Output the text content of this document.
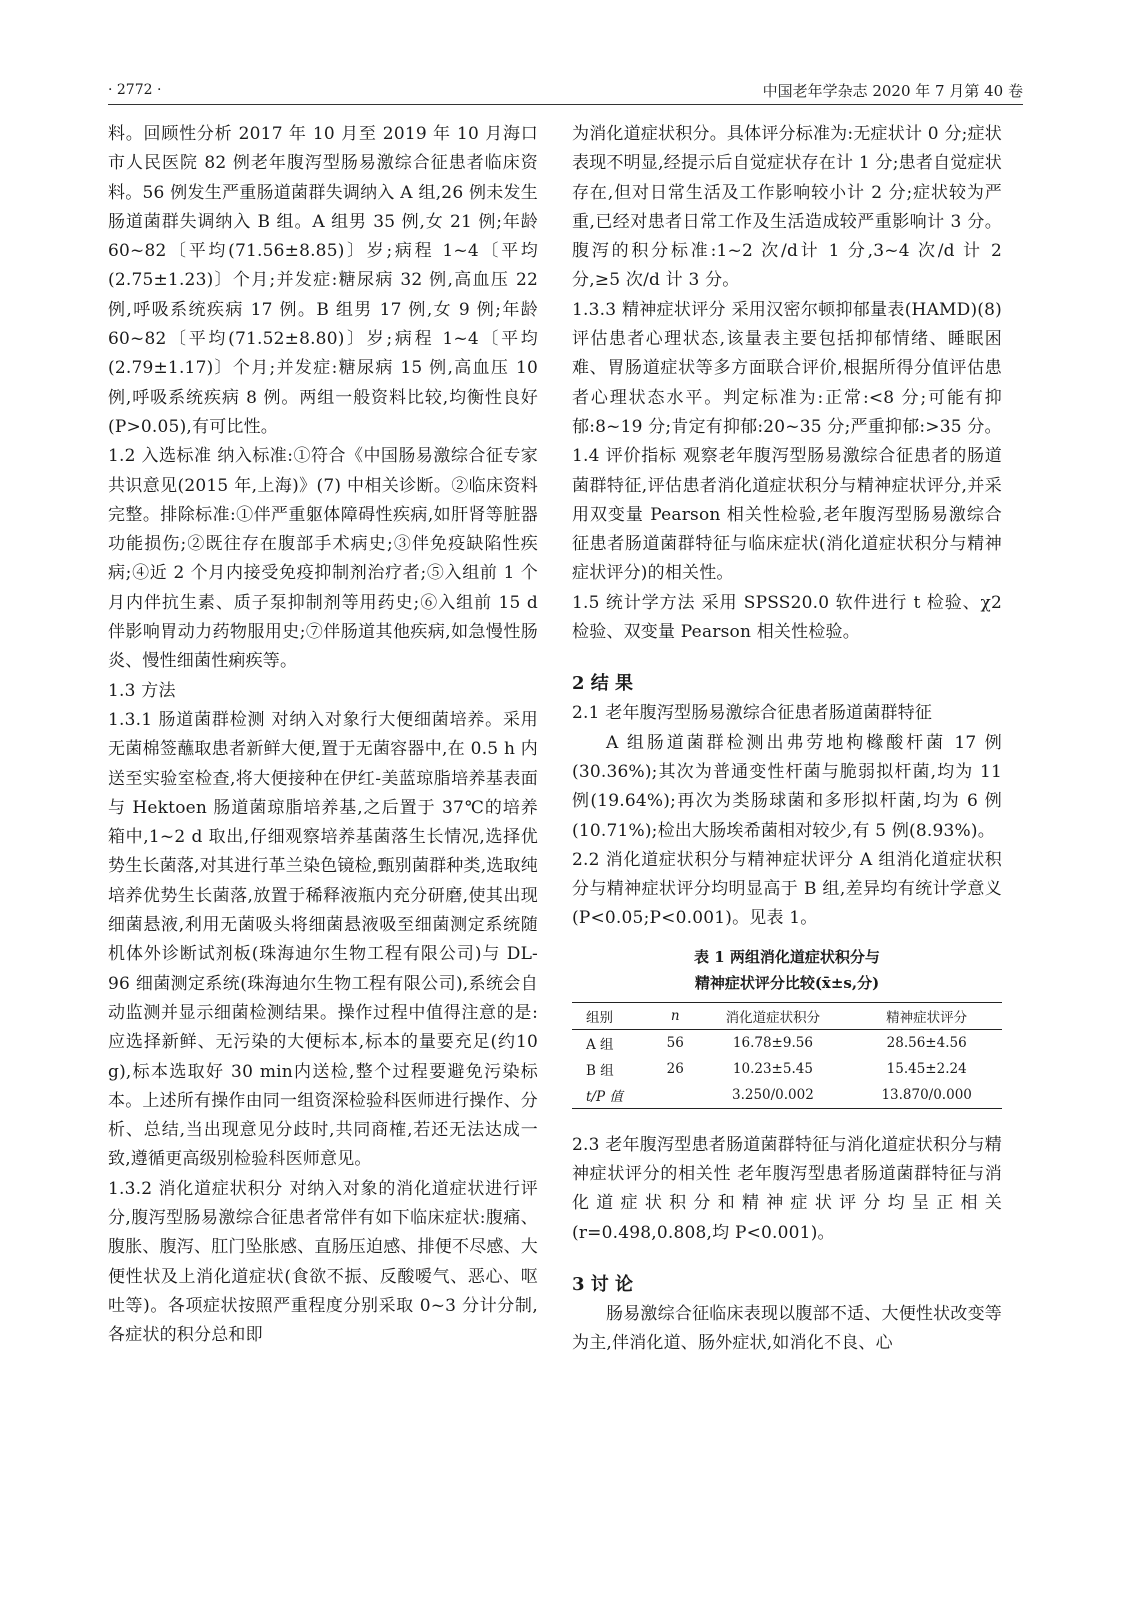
· 2772 ·	中国老年学杂志 2020 年 7 月第 40 卷

料。回顾性分析 2017 年 10 月至 2019 年 10 月海口市人民医院 82 例老年腹泻型肠易激综合征患者临床资料。56 例发生严重肠道菌群失调纳入 A 组,26 例未发生肠道菌群失调纳入 B 组。A 组男 35 例,女 21 例;年龄 60~82〔平均(71.56±8.85)〕岁;病程 1~4〔平均(2.75±1.23)〕个月;并发症:糖尿病 32 例,高血压 22 例,呼吸系统疾病 17 例。B 组男 17 例,女 9 例;年龄 60~82〔平均(71.52±8.80)〕岁;病程 1~4〔平均(2.79±1.17)〕个月;并发症:糖尿病 15 例,高血压 10 例,呼吸系统疾病 8 例。两组一般资料比较,均衡性良好(P>0.05),有可比性。

1.2 入选标准 纳入标准:①符合《中国肠易激综合征专家共识意见(2015 年,上海)》(7) 中相关诊断。②临床资料完整。排除标准:①伴严重躯体障碍性疾病,如肝肾等脏器功能损伤;②既往存在腹部手术病史;③伴免疫缺陷性疾病;④近 2 个月内接受免疫抑制剂治疗者;⑤入组前 1 个月内伴抗生素、质子泵抑制剂等用药史;⑥入组前 15 d 伴影响胃动力药物服用史;⑦伴肠道其他疾病,如急慢性肠炎、慢性细菌性痢疾等。

1.3 方法

1.3.1 肠道菌群检测 对纳入对象行大便细菌培养。采用无菌棉签蘸取患者新鲜大便,置于无菌容器中,在 0.5 h 内送至实验室检查,将大便接种在伊红-美蓝琼脂培养基表面与 Hektoen 肠道菌琼脂培养基,之后置于 37℃的培养箱中,1~2 d 取出,仔细观察培养基菌落生长情况,选择优势生长菌落,对其进行革兰染色镜检,甄别菌群种类,选取纯培养优势生长菌落,放置于稀释液瓶内充分研磨,使其出现细菌悬液,利用无菌吸头将细菌悬液吸至细菌测定系统随机体外诊断试剂板(珠海迪尔生物工程有限公司)与 DL-96 细菌测定系统(珠海迪尔生物工程有限公司),系统会自动监测并显示细菌检测结果。操作过程中值得注意的是:应选择新鲜、无污染的大便标本,标本的量要充足(约10 g),标本选取好 30 min内送检,整个过程要避免污染标本。上述所有操作由同一组资深检验科医师进行操作、分析、总结,当出现意见分歧时,共同商榷,若还无法达成一致,遵循更高级别检验科医师意见。

1.3.2 消化道症状积分 对纳入对象的消化道症状进行评分,腹泻型肠易激综合征患者常伴有如下临床症状:腹痛、腹胀、腹泻、肛门坠胀感、直肠压迫感、排便不尽感、大便性状及上消化道症状(食欲不振、反酸嗳气、恶心、呕吐等)。各项症状按照严重程度分别采取 0~3 分计分制,各症状的积分总和即

为消化道症状积分。具体评分标准为:无症状计 0 分;症状表现不明显,经提示后自觉症状存在计 1 分;患者自觉症状存在,但对日常生活及工作影响较小计 2 分;症状较为严重,已经对患者日常工作及生活造成较严重影响计 3 分。腹泻的积分标准:1~2 次/d计 1 分,3~4 次/d 计 2 分,≥5 次/d 计 3 分。

1.3.3 精神症状评分 采用汉密尔顿抑郁量表(HAMD)(8) 评估患者心理状态,该量表主要包括抑郁情绪、睡眠困难、胃肠道症状等多方面联合评价,根据所得分值评估患者心理状态水平。判定标准为:正常:<8 分;可能有抑郁:8~19 分;肯定有抑郁:20~35 分;严重抑郁:>35 分。

1.4 评价指标 观察老年腹泻型肠易激综合征患者的肠道菌群特征,评估患者消化道症状积分与精神症状评分,并采用双变量 Pearson 相关性检验,老年腹泻型肠易激综合征患者肠道菌群特征与临床症状(消化道症状积分与精神症状评分)的相关性。

1.5 统计学方法 采用 SPSS20.0 软件进行 t 检验、χ2 检验、双变量 Pearson 相关性检验。

2 结 果

2.1 老年腹泻型肠易激综合征患者肠道菌群特征

A 组肠道菌群检测出弗劳地枸橼酸杆菌 17 例(30.36%);其次为普通变性杆菌与脆弱拟杆菌,均为 11 例(19.64%);再次为类肠球菌和多形拟杆菌,均为 6 例(10.71%);检出大肠埃希菌相对较少,有 5 例(8.93%)。

2.2 消化道症状积分与精神症状评分 A 组消化道症状积分与精神症状评分均明显高于 B 组,差异均有统计学意义(P<0.05;P<0.001)。见表 1。

表 1 两组消化道症状积分与

精神症状评分比较(x̄±s,分)

组别	n	消化道症状积分	精神症状评分
A 组	56	16.78±9.56	28.56±4.56
B 组	26	10.23±5.45	15.45±2.24
t/P 值		3.250/0.002	13.870/0.000

2.3 老年腹泻型患者肠道菌群特征与消化道症状积分与精神症状评分的相关性 老年腹泻型患者肠道菌群特征与消化道症状积分和精神症状评分均呈正相关(r=0.498,0.808,均 P<0.001)。

3 讨 论

肠易激综合征临床表现以腹部不适、大便性状改变等为主,伴消化道、肠外症状,如消化不良、心
